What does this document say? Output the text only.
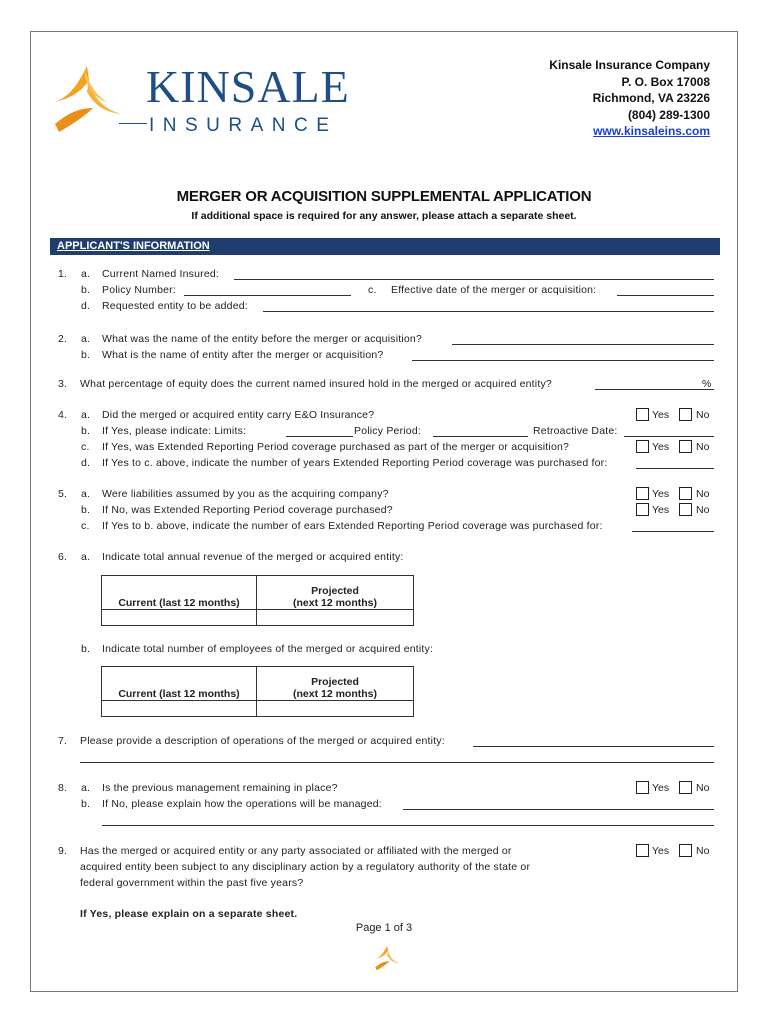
KINSALE
INSURANCE
Kinsale Insurance Company
P. O. Box 17008
Richmond, VA 23226
(804) 289-1300
www.kinsaleins.com
MERGER OR ACQUISITION SUPPLEMENTAL APPLICATION
If additional space is required for any answer, please attach a separate sheet.
APPLICANT'S INFORMATION
1. a. Current Named Insured:
b. Policy Number:	c. Effective date of the merger or acquisition:
d. Requested entity to be added:
2. a. What was the name of the entity before the merger or acquisition?
b. What is the name of entity after the merger or acquisition?
3. What percentage of equity does the current named insured hold in the merged or acquired entity?	%
4. a. Did the merged or acquired entity carry E&O Insurance?	Yes	No
b. If Yes, please indicate: Limits:	Policy Period:	Retroactive Date:
c. If Yes, was Extended Reporting Period coverage purchased as part of the merger or acquisition?	Yes	No
d. If Yes to c. above, indicate the number of years Extended Reporting Period coverage was purchased for:
5. a. Were liabilities assumed by you as the acquiring company?	Yes	No
b. If No, was Extended Reporting Period coverage purchased?	Yes	No
c. If Yes to b. above, indicate the number of ears Extended Reporting Period coverage was purchased for:
6. a. Indicate total annual revenue of the merged or acquired entity:
Current (last 12 months)	Projected
(next 12 months)

b. Indicate total number of employees of the merged or acquired entity:
Current (last 12 months)	Projected
(next 12 months)

7. Please provide a description of operations of the merged or acquired entity:
8. a. Is the previous management remaining in place?	Yes	No
b. If No, please explain how the operations will be managed:
9. Has the merged or acquired entity or any party associated or affiliated with the merged or
acquired entity been subject to any disciplinary action by a regulatory authority of the state or
federal government within the past five years?
Yes	No
If Yes, please explain on a separate sheet.
Page 1 of 3
